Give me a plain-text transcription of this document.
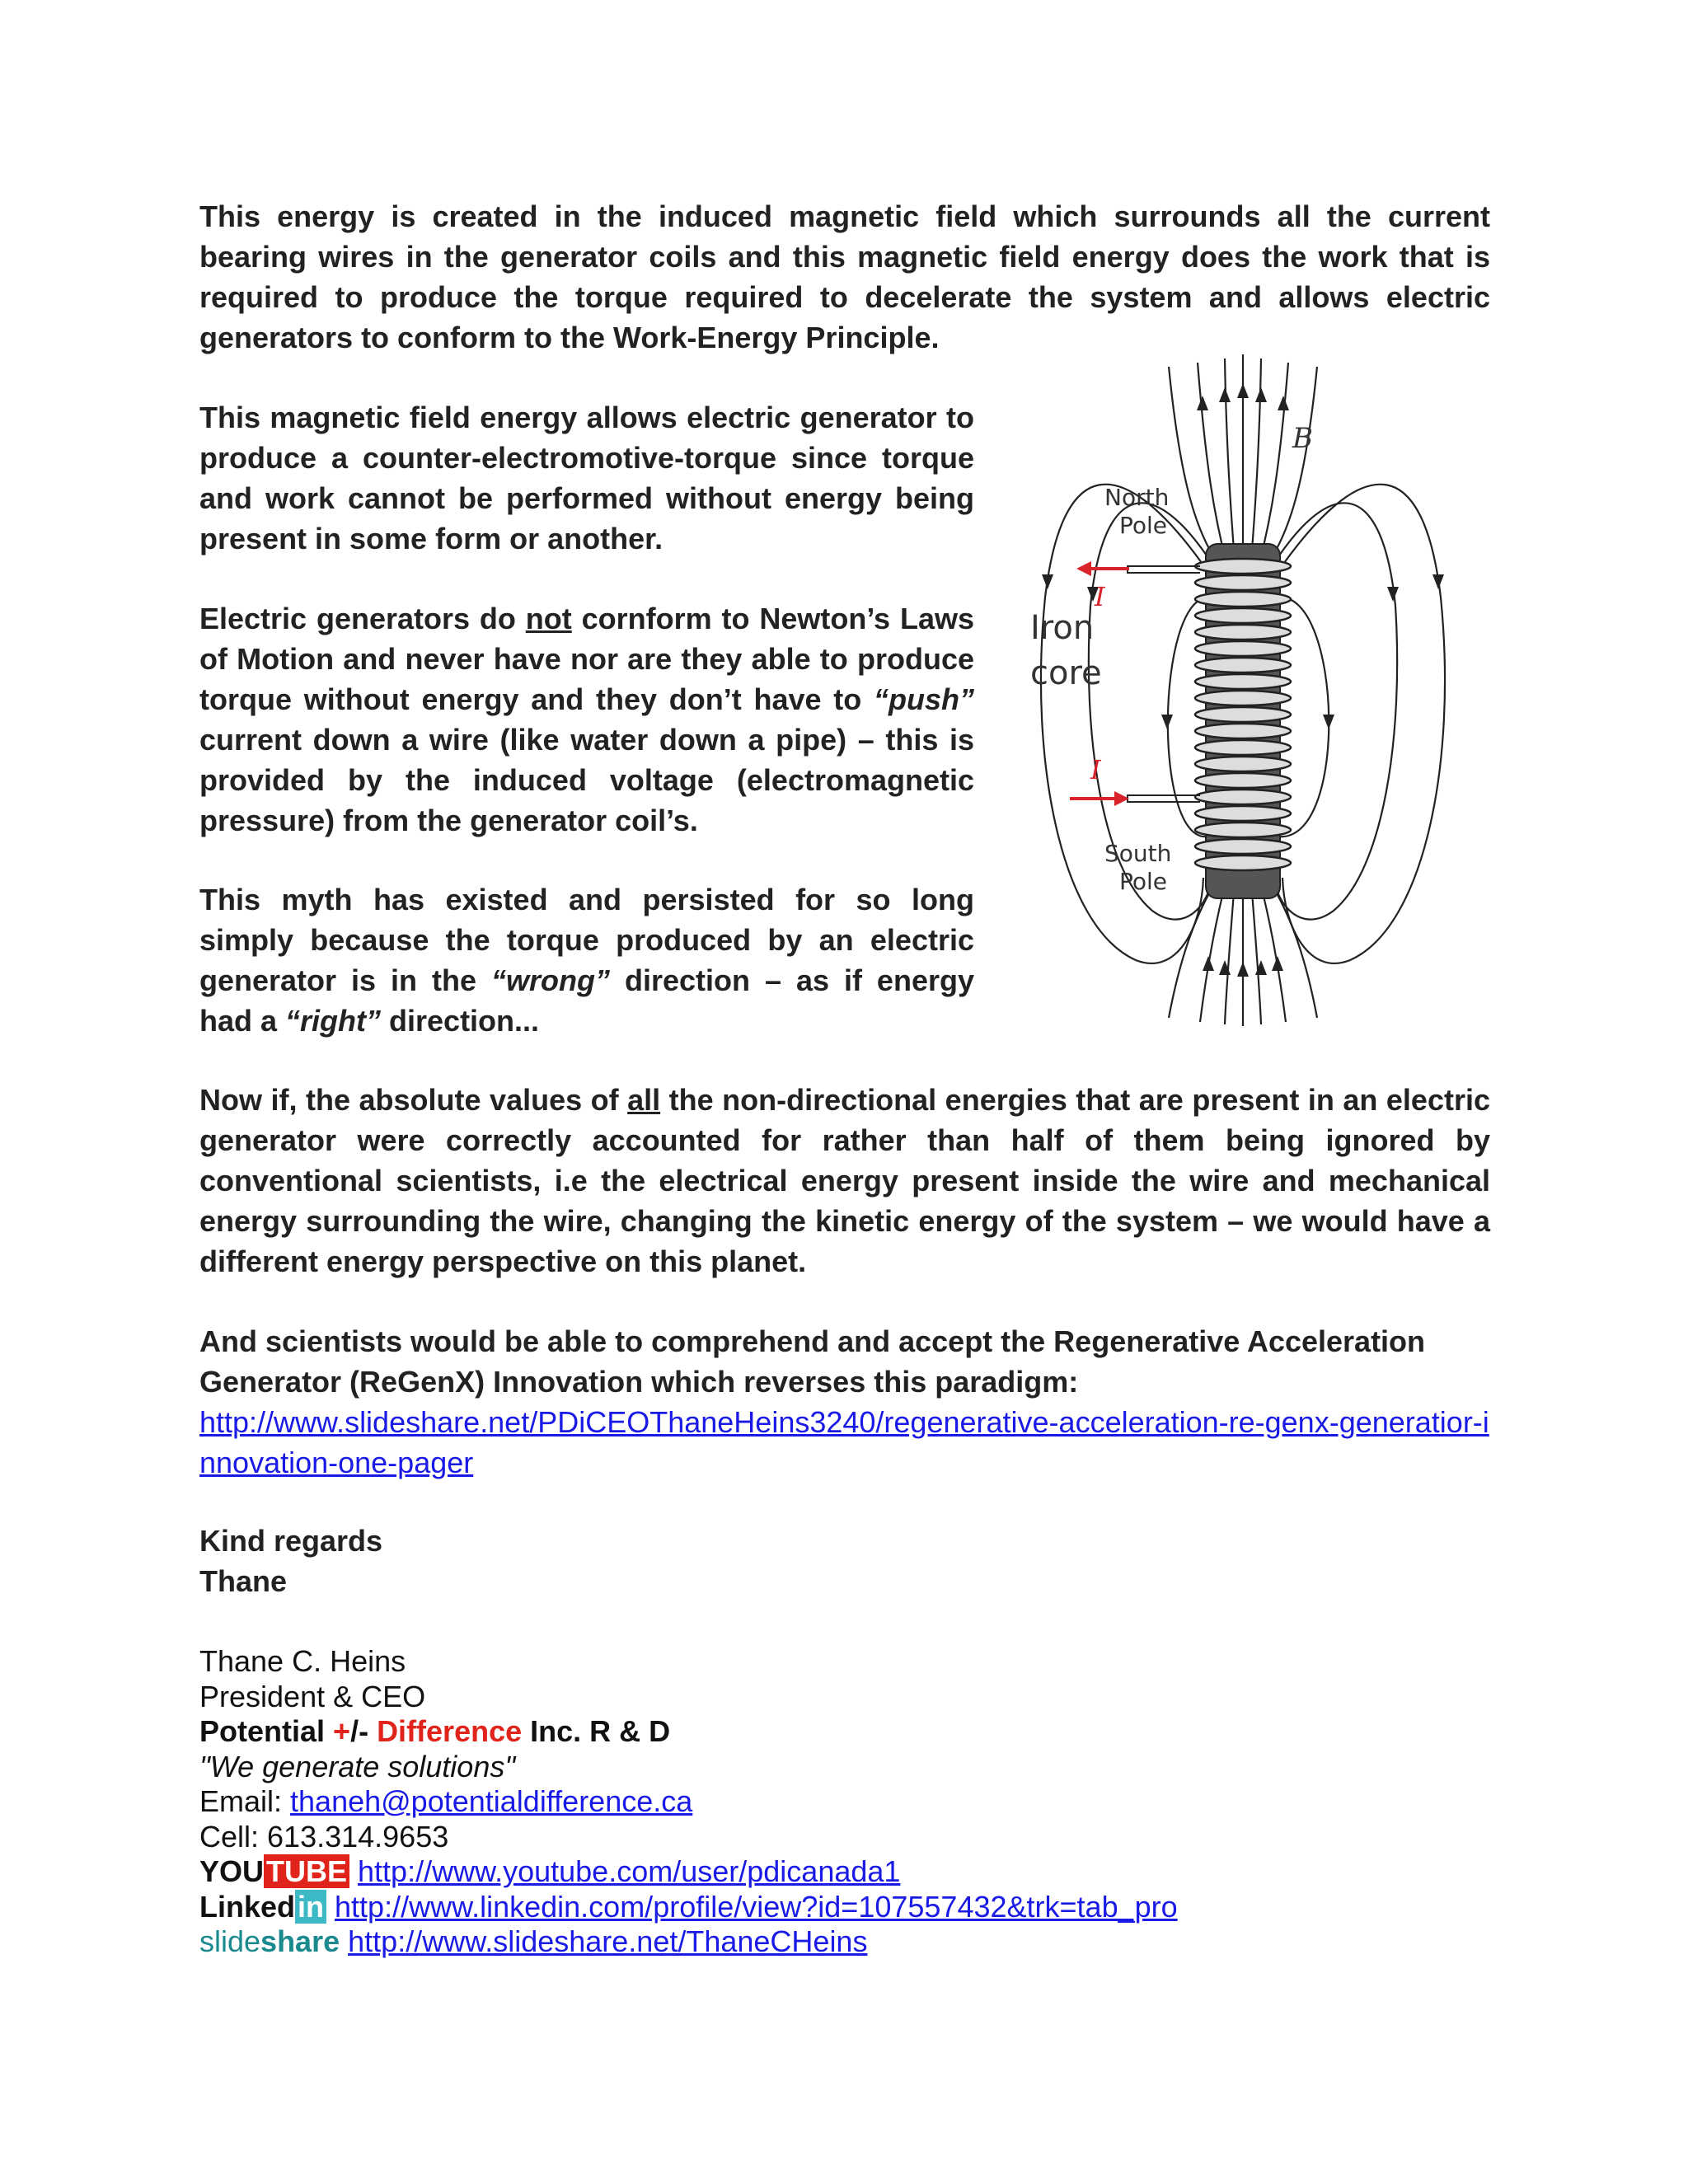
This energy is created in the induced magnetic field which surrounds all the current bearing wires in the generator coils and this magnetic field energy does the work that is required to produce the torque required to decelerate the system and allows electric generators to conform to the Work-Energy Principle.

This magnetic field energy allows electric generator to produce a counter-electromotive-torque since torque and work cannot be performed without energy being present in some form or another.

Electric generators do not cornform to Newton’s Laws of Motion and never have nor are they able to produce torque without energy and they don’t have to “push” current down a wire (like water down a pipe) – this is provided by the induced voltage (electromagnetic pressure) from the generator coil’s.

This myth has existed and persisted for so long simply because the torque produced by an electric generator is in the “wrong” direction – as if energy had a “right” direction...

Now if, the absolute values of all the non-directional energies that are present in an electric generator were correctly accounted for rather than half of them being ignored by conventional scientists, i.e the electrical energy present inside the wire and mechanical energy surrounding the wire, changing the kinetic energy of the system – we would have a different energy perspective on this planet.

And scientists would be able to comprehend and accept the Regenerative Acceleration Generator (ReGenX) Innovation which reverses this paradigm:
http://www.slideshare.net/PDiCEOThaneHeins3240/regenerative-acceleration-re-genx-generatior-innovation-one-pager
Kind regards
Thane
Thane C. Heins
President & CEO
Potential +/- Difference Inc. R & D
"We generate solutions"
Email: thaneh@potentialdifference.ca
Cell: 613.314.9653
YOUTUBE http://www.youtube.com/user/pdicanada1
Linkedin http://www.linkedin.com/profile/view?id=107557432&trk=tab_pro
slideshare http://www.slideshare.net/ThaneCHeins
B
North
Pole
Iron
core
I
I
South
Pole
